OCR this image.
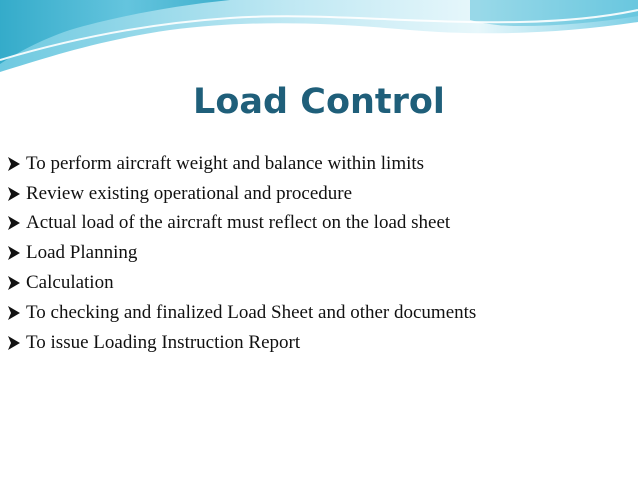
Load Control
To perform aircraft weight and balance within limits
Review existing operational and procedure
Actual load of the aircraft must reflect on the load sheet
Load Planning
Calculation
To checking and finalized Load Sheet and other documents
To issue Loading Instruction Report
